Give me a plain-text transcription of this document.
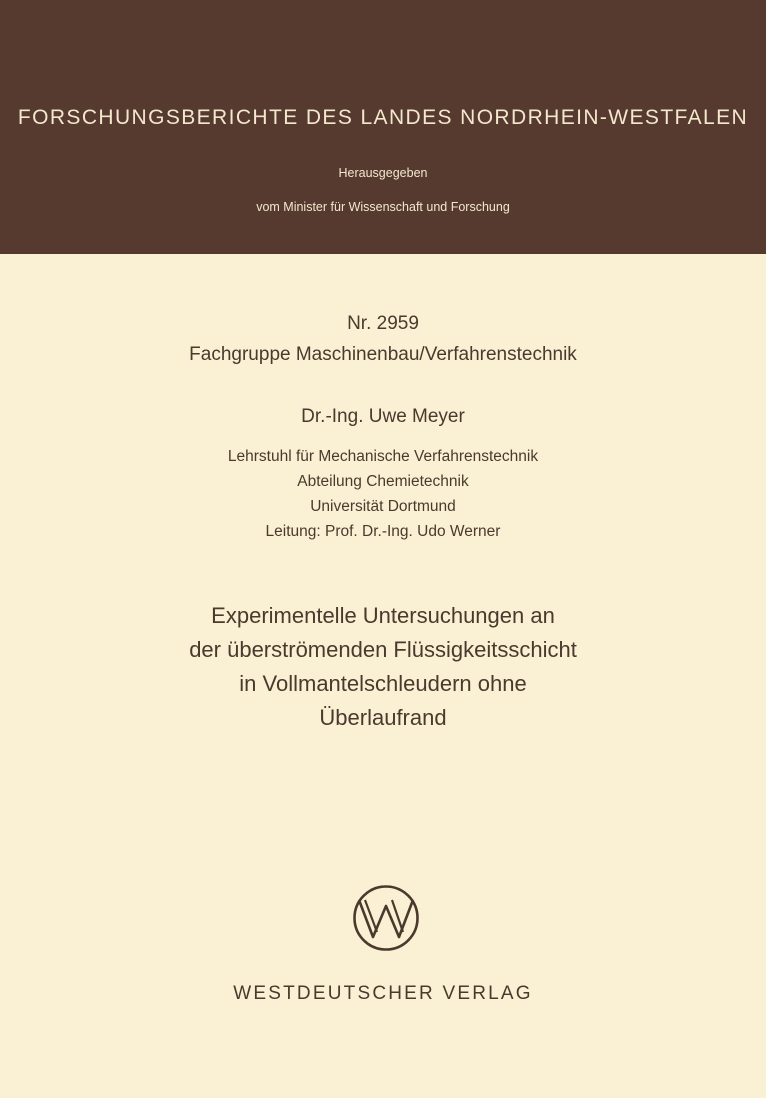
FORSCHUNGSBERICHTE DES LANDES NORDRHEIN-WESTFALEN
Herausgegeben
vom Minister für Wissenschaft und Forschung
Nr. 2959
Fachgruppe Maschinenbau/Verfahrenstechnik
Dr.-Ing. Uwe Meyer
Lehrstuhl für Mechanische Verfahrenstechnik
Abteilung Chemietechnik
Universität Dortmund
Leitung: Prof. Dr.-Ing. Udo Werner
Experimentelle Untersuchungen an
der überströmenden Flüssigkeitsschicht
in Vollmantelschleudern ohne
Überlaufrand
WESTDEUTSCHER VERLAG
